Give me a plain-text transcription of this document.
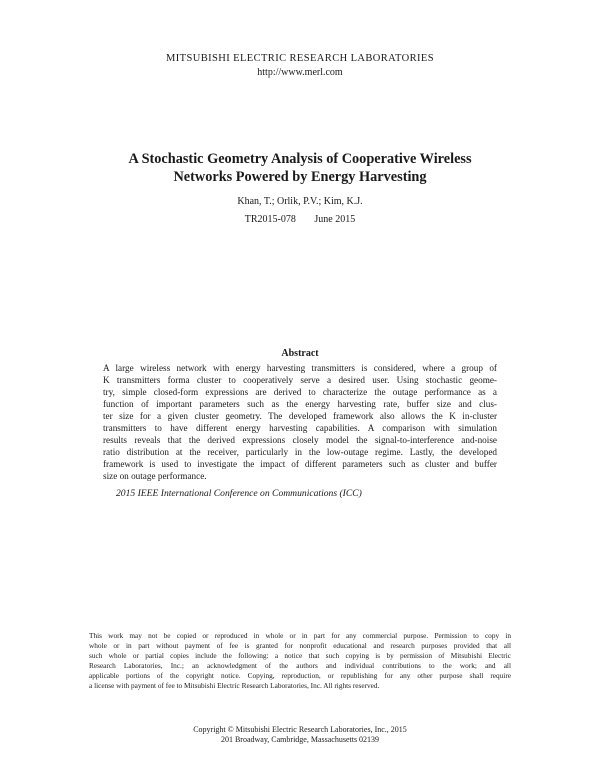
MITSUBISHI ELECTRIC RESEARCH LABORATORIES
http://www.merl.com
A Stochastic Geometry Analysis of Cooperative Wireless
Networks Powered by Energy Harvesting
Khan, T.; Orlik, P.V.; Kim, K.J.
TR2015-078 June 2015
Abstract
A large wireless network with energy harvesting transmitters is considered, where a group of
K transmitters forma cluster to cooperatively serve a desired user. Using stochastic geome-
try, simple closed-form expressions are derived to characterize the outage performance as a
function of important parameters such as the energy harvesting rate, buffer size and clus-
ter size for a given cluster geometry. The developed framework also allows the K in-cluster
transmitters to have different energy harvesting capabilities. A comparison with simulation
results reveals that the derived expressions closely model the signal-to-interference and-noise
ratio distribution at the receiver, particularly in the low-outage regime. Lastly, the developed
framework is used to investigate the impact of different parameters such as cluster and buffer
size on outage performance.
2015 IEEE International Conference on Communications (ICC)
This work may not be copied or reproduced in whole or in part for any commercial purpose. Permission to copy in
whole or in part without payment of fee is granted for nonprofit educational and research purposes provided that all
such whole or partial copies include the following: a notice that such copying is by permission of Mitsubishi Electric
Research Laboratories, Inc.; an acknowledgment of the authors and individual contributions to the work; and all
applicable portions of the copyright notice. Copying, reproduction, or republishing for any other purpose shall require
a license with payment of fee to Mitsubishi Electric Research Laboratories, Inc. All rights reserved.
Copyright © Mitsubishi Electric Research Laboratories, Inc., 2015
201 Broadway, Cambridge, Massachusetts 02139
